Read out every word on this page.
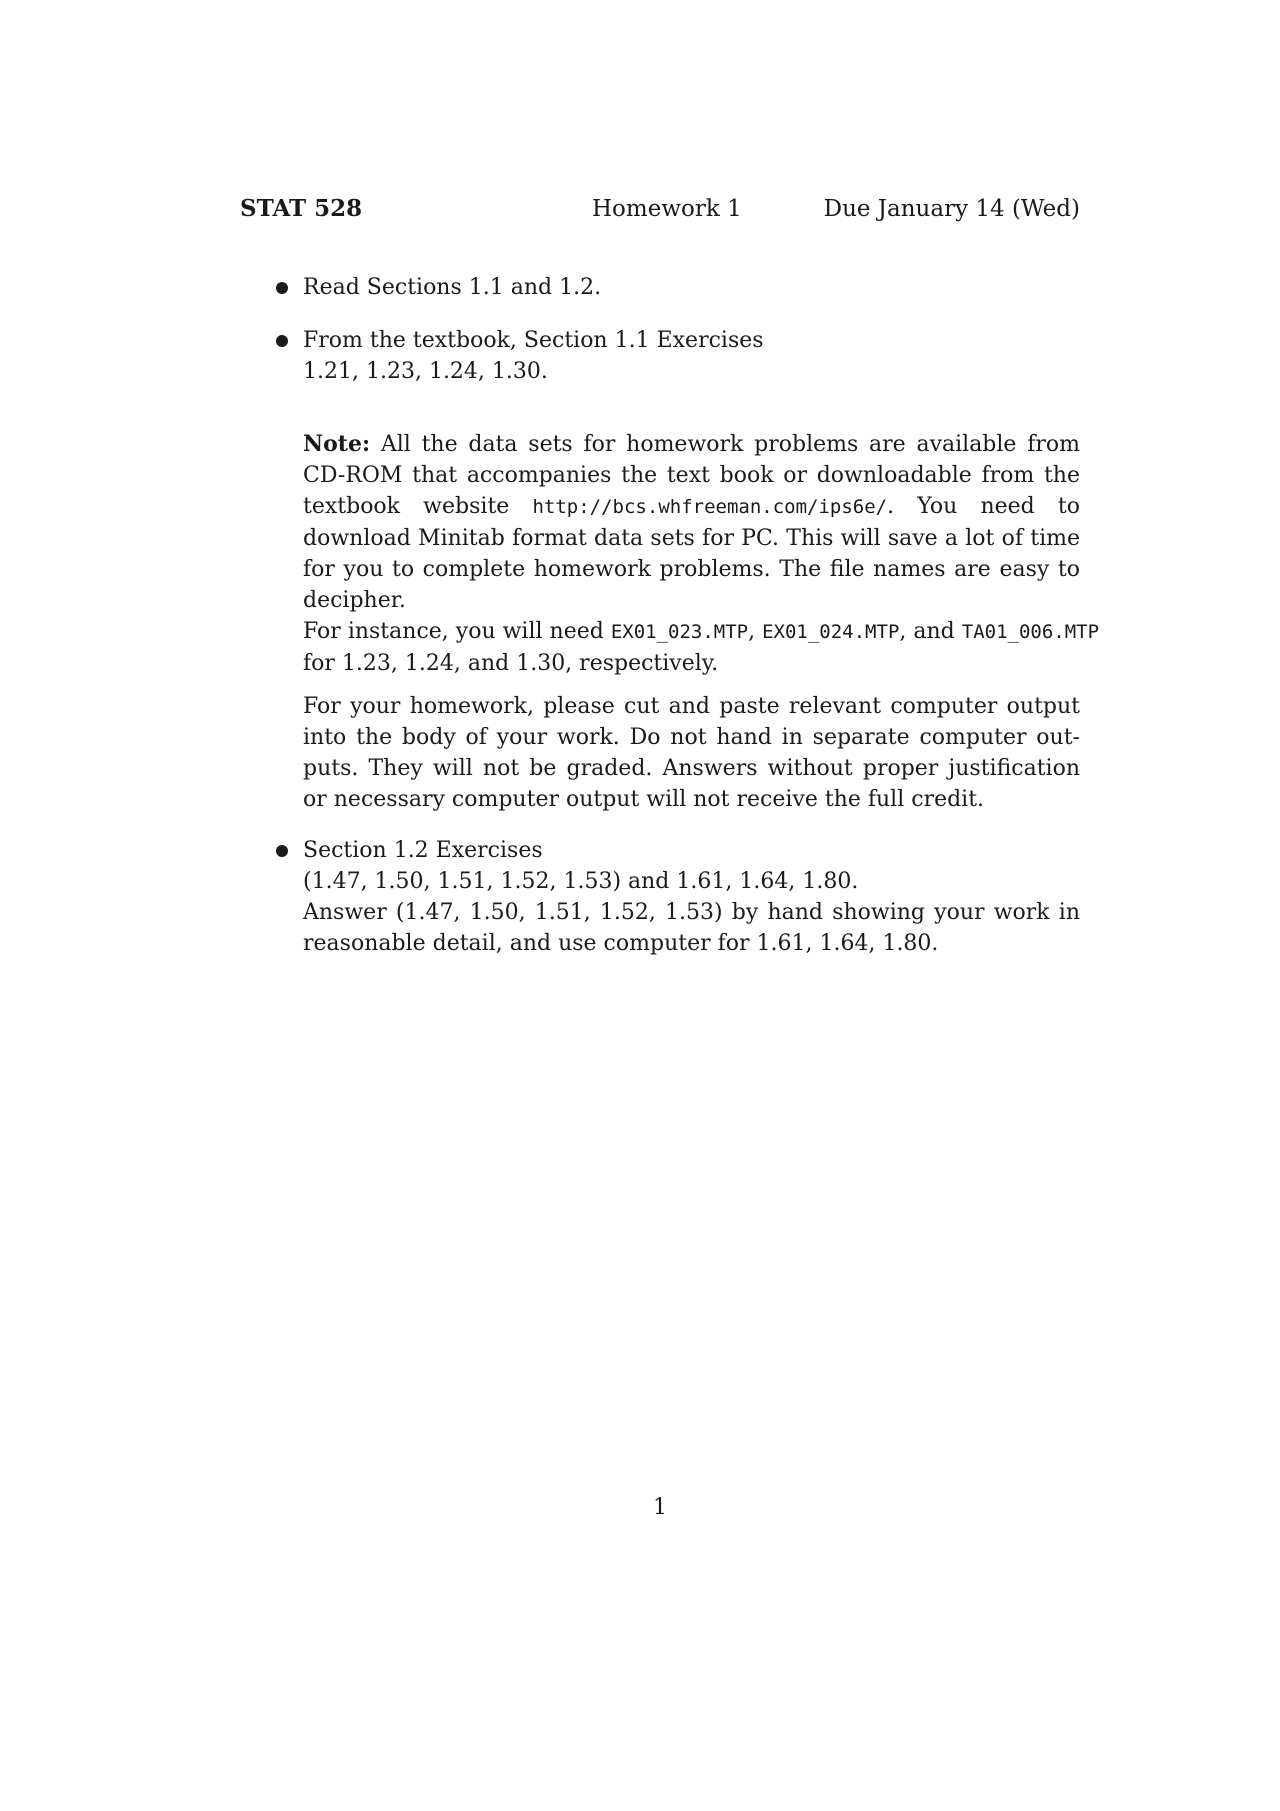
STAT 528	Homework 1	Due January 14 (Wed)
Read Sections 1.1 and 1.2.
From the textbook, Section 1.1 Exercises
1.21, 1.23, 1.24, 1.30.
Note: All the data sets for homework problems are available from
CD-ROM that accompanies the text book or downloadable from the
textbook website http://bcs.whfreeman.com/ips6e/. You need to
download Minitab format data sets for PC. This will save a lot of time
for you to complete homework problems. The file names are easy to
decipher.
For instance, you will need EX01_023.MTP, EX01_024.MTP, and TA01_006.MTP
for 1.23, 1.24, and 1.30, respectively.
For your homework, please cut and paste relevant computer output
into the body of your work. Do not hand in separate computer out-
puts. They will not be graded. Answers without proper justification
or necessary computer output will not receive the full credit.
Section 1.2 Exercises
(1.47, 1.50, 1.51, 1.52, 1.53) and 1.61, 1.64, 1.80.
Answer (1.47, 1.50, 1.51, 1.52, 1.53) by hand showing your work in
reasonable detail, and use computer for 1.61, 1.64, 1.80.
1
